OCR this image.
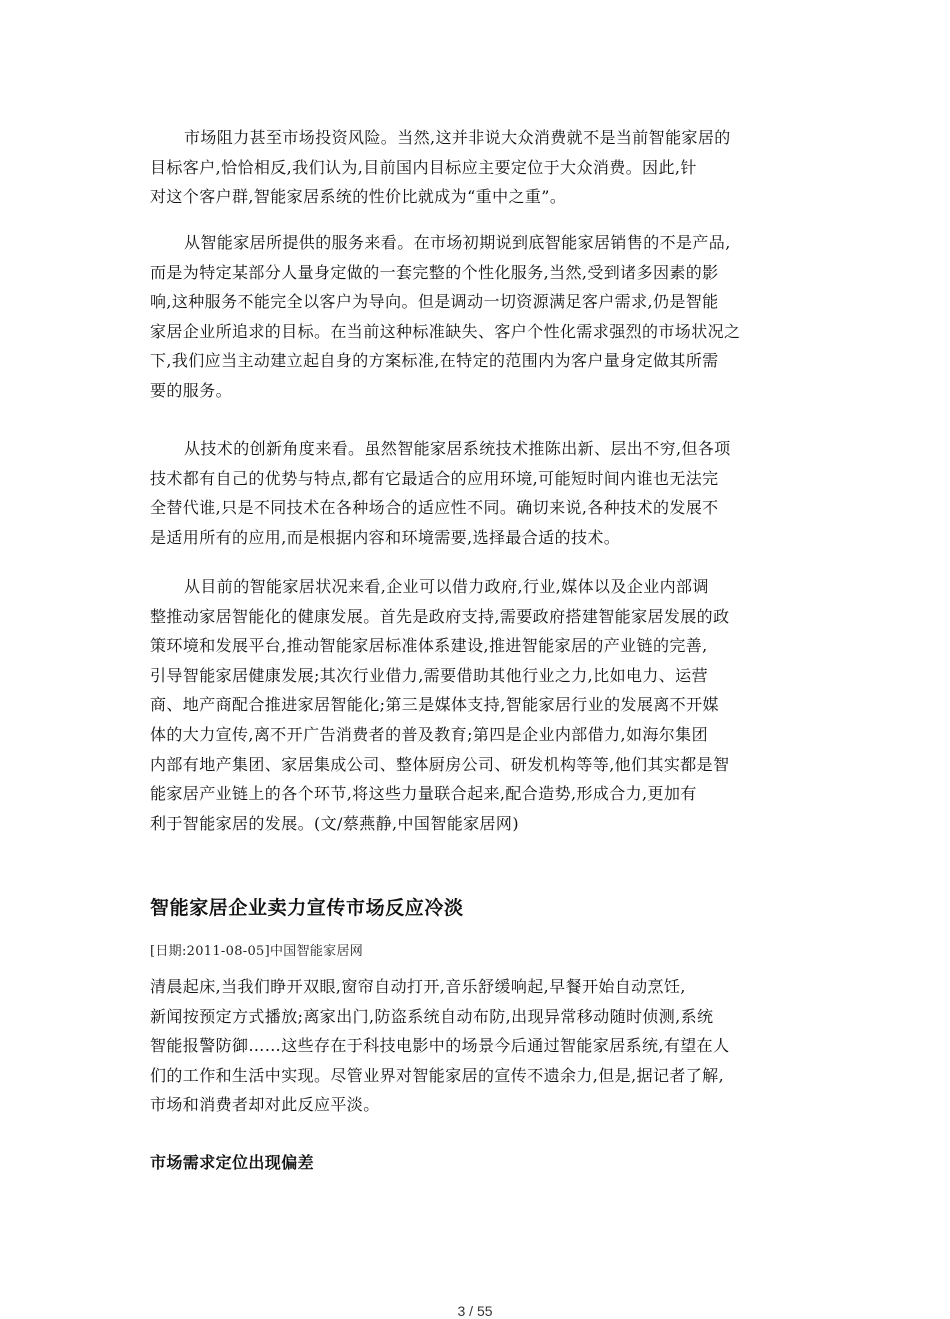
市场阻力甚至市场投资风险。当然,这并非说大众消费就不是当前智能家居的
目标客户,恰恰相反,我们认为,目前国内目标应主要定位于大众消费。因此,针
对这个客户群,智能家居系统的性价比就成为“重中之重”。
从智能家居所提供的服务来看。在市场初期说到底智能家居销售的不是产品,
而是为特定某部分人量身定做的一套完整的个性化服务,当然,受到诸多因素的影
响,这种服务不能完全以客户为导向。但是调动一切资源满足客户需求,仍是智能
家居企业所追求的目标。在当前这种标准缺失、客户个性化需求强烈的市场状况之
下,我们应当主动建立起自身的方案标准,在特定的范围内为客户量身定做其所需
要的服务。
从技术的创新角度来看。虽然智能家居系统技术推陈出新、层出不穷,但各项
技术都有自己的优势与特点,都有它最适合的应用环境,可能短时间内谁也无法完
全替代谁,只是不同技术在各种场合的适应性不同。确切来说,各种技术的发展不
是适用所有的应用,而是根据内容和环境需要,选择最合适的技术。
从目前的智能家居状况来看,企业可以借力政府,行业,媒体以及企业内部调
整推动家居智能化的健康发展。首先是政府支持,需要政府搭建智能家居发展的政
策环境和发展平台,推动智能家居标准体系建设,推进智能家居的产业链的完善,
引导智能家居健康发展;其次行业借力,需要借助其他行业之力,比如电力、运营
商、地产商配合推进家居智能化;第三是媒体支持,智能家居行业的发展离不开媒
体的大力宣传,离不开广告消费者的普及教育;第四是企业内部借力,如海尔集团
内部有地产集团、家居集成公司、整体厨房公司、研发机构等等,他们其实都是智
能家居产业链上的各个环节,将这些力量联合起来,配合造势,形成合力,更加有
利于智能家居的发展。(文/蔡燕静,中国智能家居网)
智能家居企业卖力宣传市场反应冷淡

[日期:2011-08-05]中国智能家居网

清晨起床,当我们睁开双眼,窗帘自动打开,音乐舒缓响起,早餐开始自动烹饪,
新闻按预定方式播放;离家出门,防盗系统自动布防,出现异常移动随时侦测,系统
智能报警防御……这些存在于科技电影中的场景今后通过智能家居系统,有望在人
们的工作和生活中实现。尽管业界对智能家居的宣传不遗余力,但是,据记者了解,
市场和消费者却对此反应平淡。

市场需求定位出现偏差

3 / 55
